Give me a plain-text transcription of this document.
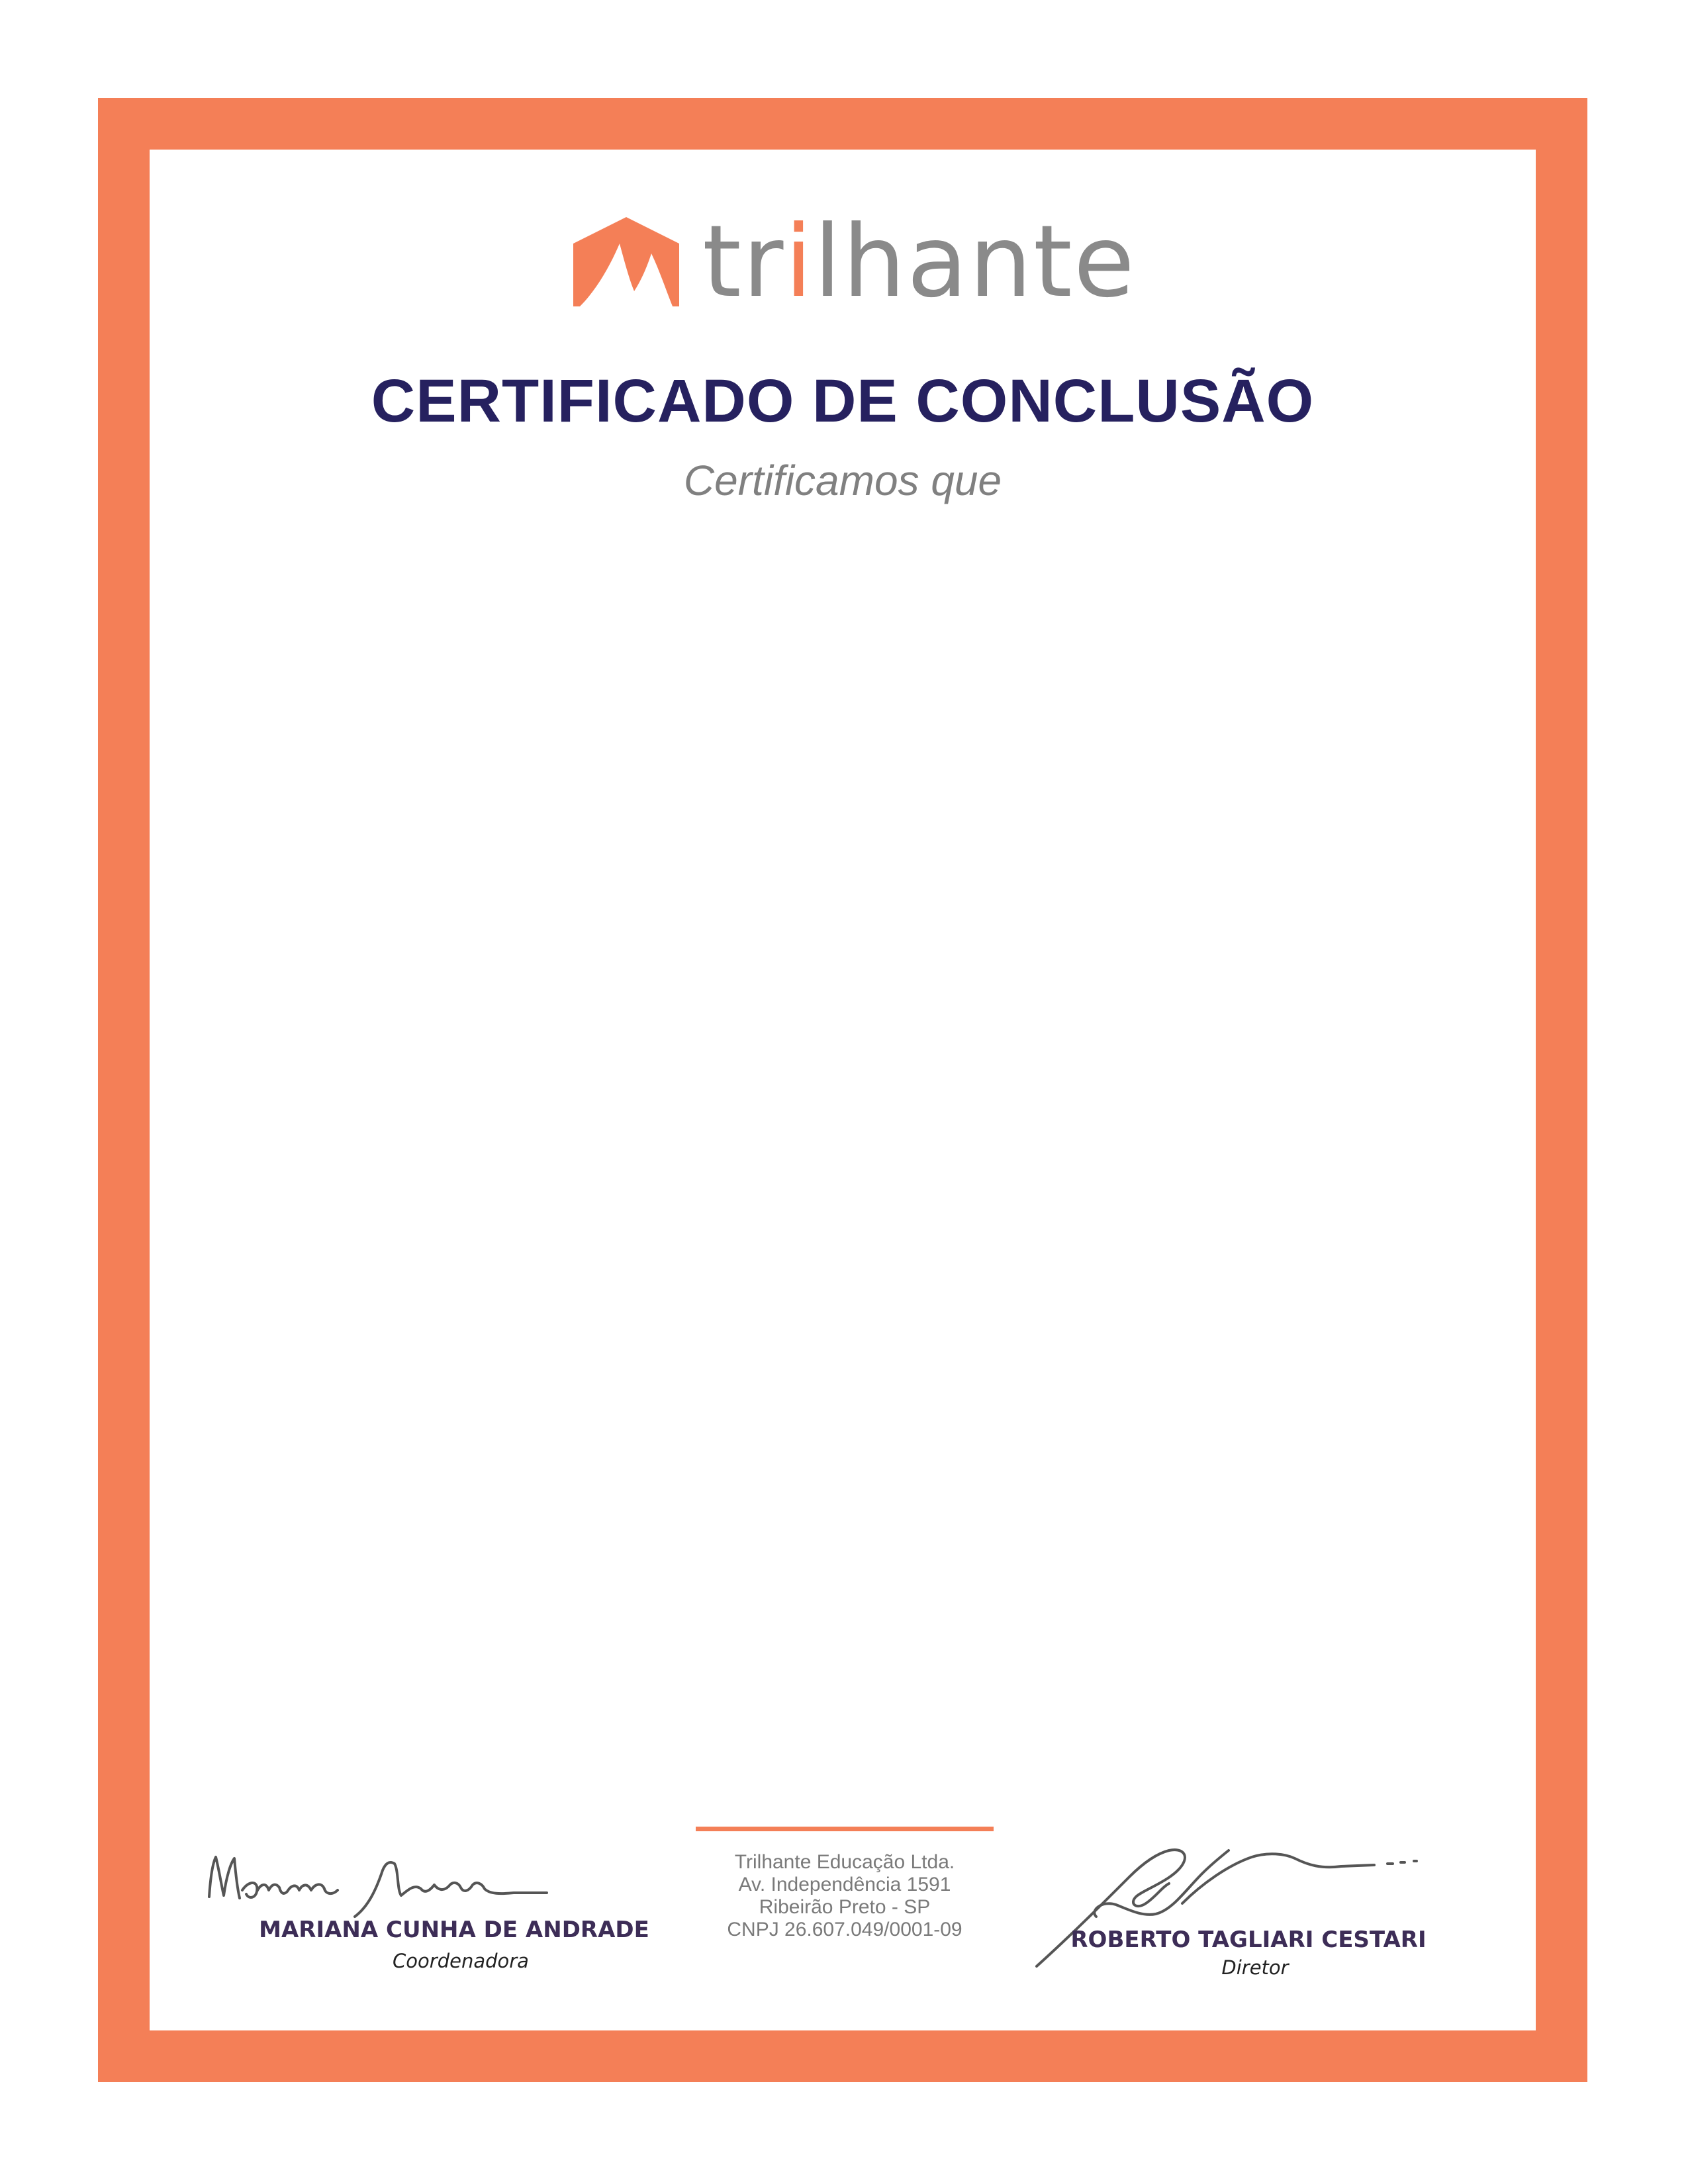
trilhante
CERTIFICADO DE CONCLUSÃO
Certificamos que
MARIANA CUNHA DE ANDRADE
Coordenadora
Trilhante Educação Ltda.
Av. Independência 1591
Ribeirão Preto - SP
CNPJ 26.607.049/0001-09	ROBERTO TAGLIARI CESTARI
Diretor
